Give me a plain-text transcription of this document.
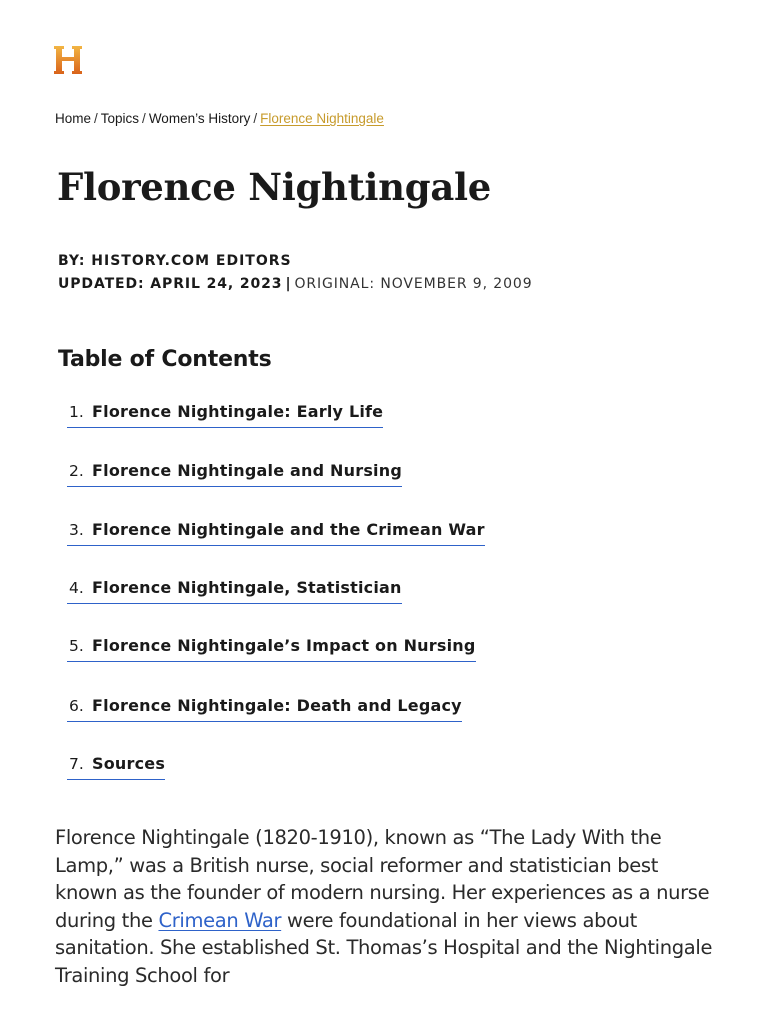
Home / Topics / Women’s History / Florence Nightingale
Florence Nightingale
BY: HISTORY.COM EDITORS
UPDATED: APRIL 24, 2023 | ORIGINAL: NOVEMBER 9, 2009
Table of Contents
1. Florence Nightingale: Early Life
2. Florence Nightingale and Nursing
3. Florence Nightingale and the Crimean War
4. Florence Nightingale, Statistician
5. Florence Nightingale’s Impact on Nursing
6. Florence Nightingale: Death and Legacy
7. Sources

Florence Nightingale (1820-1910), known as “The Lady With the Lamp,” was a British nurse, social reformer and statistician best known as the founder of modern nursing. Her experiences as a nurse during the Crimean War were foundational in her views about sanitation. She established St. Thomas’s Hospital and the Nightingale Training School for
